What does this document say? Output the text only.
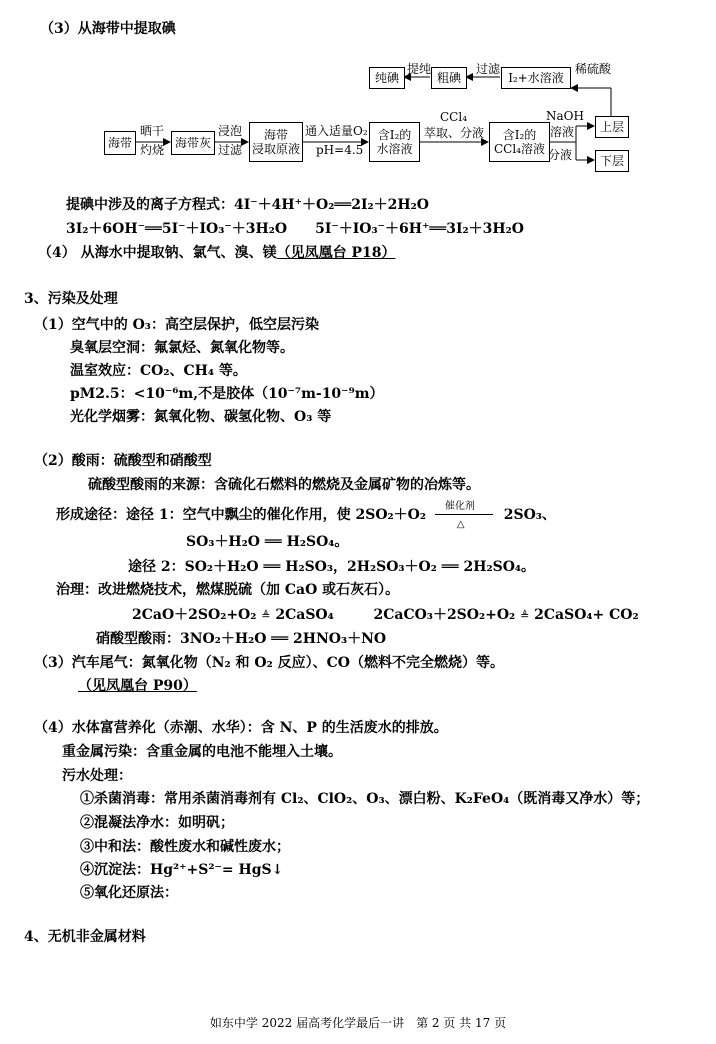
（3）从海带中提取碘
海带
晒干
灼烧 海带灰
浸泡
过滤
海带
浸取原液
通入适量O₂
pH=4.5
含I₂的
水溶液
CCl₄
萃取、分液 含I₂的
CCl₄溶液
NaOH
溶液
分液
上层
下层
稀硫酸
I₂+水溶液
过滤
粗碘
提纯
纯碘
提碘中涉及的离子方程式：4I⁻＋4H⁺＋O₂══2I₂＋2H₂O
3I₂＋6OH⁻══5I⁻＋IO₃⁻＋3H₂O　　5I⁻＋IO₃⁻＋6H⁺══3I₂＋3H₂O
（4） 从海水中提取钠、氯气、溴、镁（见凤凰台 P18）
3、污染及处理
（1）空气中的 O₃：高空层保护，低空层污染
臭氧层空洞：氟氯烃、氮氧化物等。
温室效应：CO₂、CH₄ 等。
pM2.5：<10⁻⁶m,不是胶体（10⁻⁷m-10⁻⁹m）
光化学烟雾：氮氧化物、碳氢化物、O₃ 等
（2）酸雨：硫酸型和硝酸型
硫酸型酸雨的来源：含硫化石燃料的燃烧及金属矿物的冶炼等。
形成途径：途径 1：空气中飘尘的催化作用，使 2SO₂＋O₂
催化剂
△
2SO₃、
SO₃＋H₂O ══ H₂SO₄。
途径 2：SO₂＋H₂O ══ H₂SO₃，2H₂SO₃＋O₂ ══ 2H₂SO₄。
治理：改进燃烧技术，燃煤脱硫（加 CaO 或石灰石）。
2CaO＋2SO₂+O₂ ≜ 2CaSO₄	2CaCO₃＋2SO₂+O₂ ≜ 2CaSO₄+ CO₂
硝酸型酸雨：3NO₂＋H₂O ══ 2HNO₃＋NO
（3）汽车尾气：氮氧化物（N₂ 和 O₂ 反应）、CO（燃料不完全燃烧）等。
（见凤凰台 P90）
（4）水体富营养化（赤潮、水华）：含 N、P 的生活废水的排放。
重金属污染：含重金属的电池不能埋入土壤。
污水处理：
①杀菌消毒：常用杀菌消毒剂有 Cl₂、ClO₂、O₃、漂白粉、K₂FeO₄（既消毒又净水）等；
②混凝法净水：如明矾；
③中和法：酸性废水和碱性废水；
④沉淀法：Hg²⁺+S²⁻= HgS↓
⑤氧化还原法：
4、无机非金属材料
如东中学 2022 届高考化学最后一讲　第 2 页 共 17 页
